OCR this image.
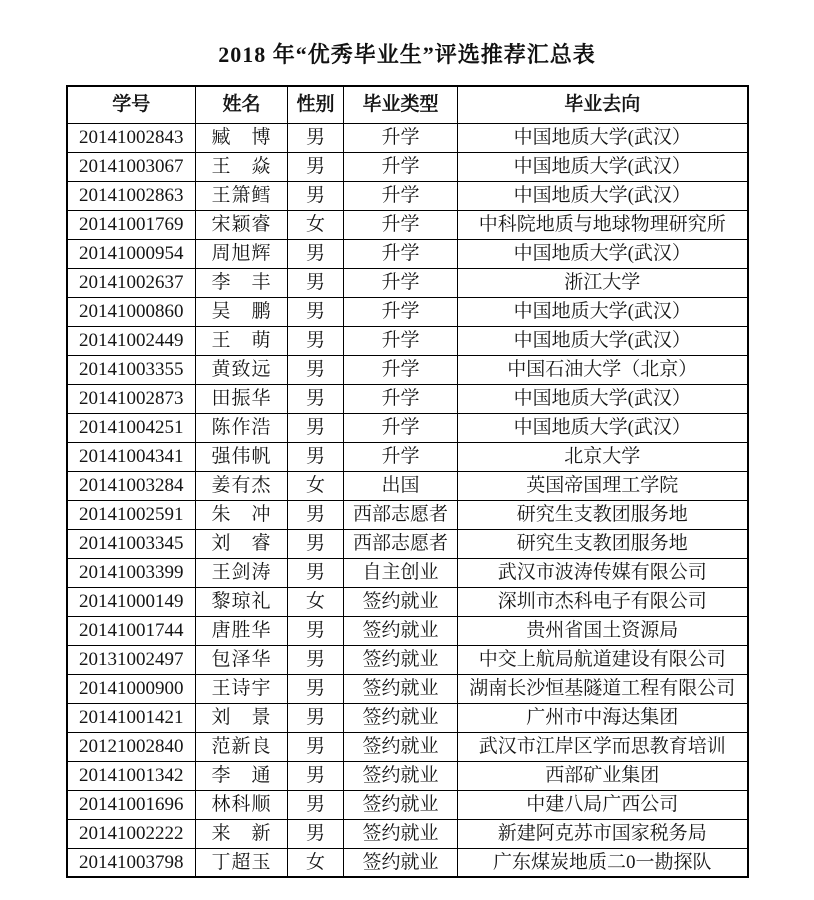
2018 年“优秀毕业生”评选推荐汇总表
学号	姓名	性别	毕业类型	毕业去向
20141002843	臧　博	男	升学	中国地质大学(武汉）
20141003067	王　焱	男	升学	中国地质大学(武汉）
20141002863	王箫鳕	男	升学	中国地质大学(武汉）
20141001769	宋颖睿	女	升学	中科院地质与地球物理研究所
20141000954	周旭辉	男	升学	中国地质大学(武汉）
20141002637	李　丰	男	升学	浙江大学
20141000860	吴　鹏	男	升学	中国地质大学(武汉）
20141002449	王　萌	男	升学	中国地质大学(武汉）
20141003355	黄致远	男	升学	中国石油大学（北京）
20141002873	田振华	男	升学	中国地质大学(武汉）
20141004251	陈作浩	男	升学	中国地质大学(武汉）
20141004341	强伟帆	男	升学	北京大学
20141003284	姜有杰	女	出国	英国帝国理工学院
20141002591	朱　冲	男	西部志愿者	研究生支教团服务地
20141003345	刘　睿	男	西部志愿者	研究生支教团服务地
20141003399	王剑涛	男	自主创业	武汉市波涛传媒有限公司
20141000149	黎琼礼	女	签约就业	深圳市杰科电子有限公司
20141001744	唐胜华	男	签约就业	贵州省国土资源局
20131002497	包泽华	男	签约就业	中交上航局航道建设有限公司
20141000900	王诗宇	男	签约就业	湖南长沙恒基隧道工程有限公司
20141001421	刘　景	男	签约就业	广州市中海达集团
20121002840	范新良	男	签约就业	武汉市江岸区学而思教育培训
20141001342	李　通	男	签约就业	西部矿业集团
20141001696	林科顺	男	签约就业	中建八局广西公司
20141002222	来　新	男	签约就业	新建阿克苏市国家税务局
20141003798	丁超玉	女	签约就业	广东煤炭地质二0一勘探队
